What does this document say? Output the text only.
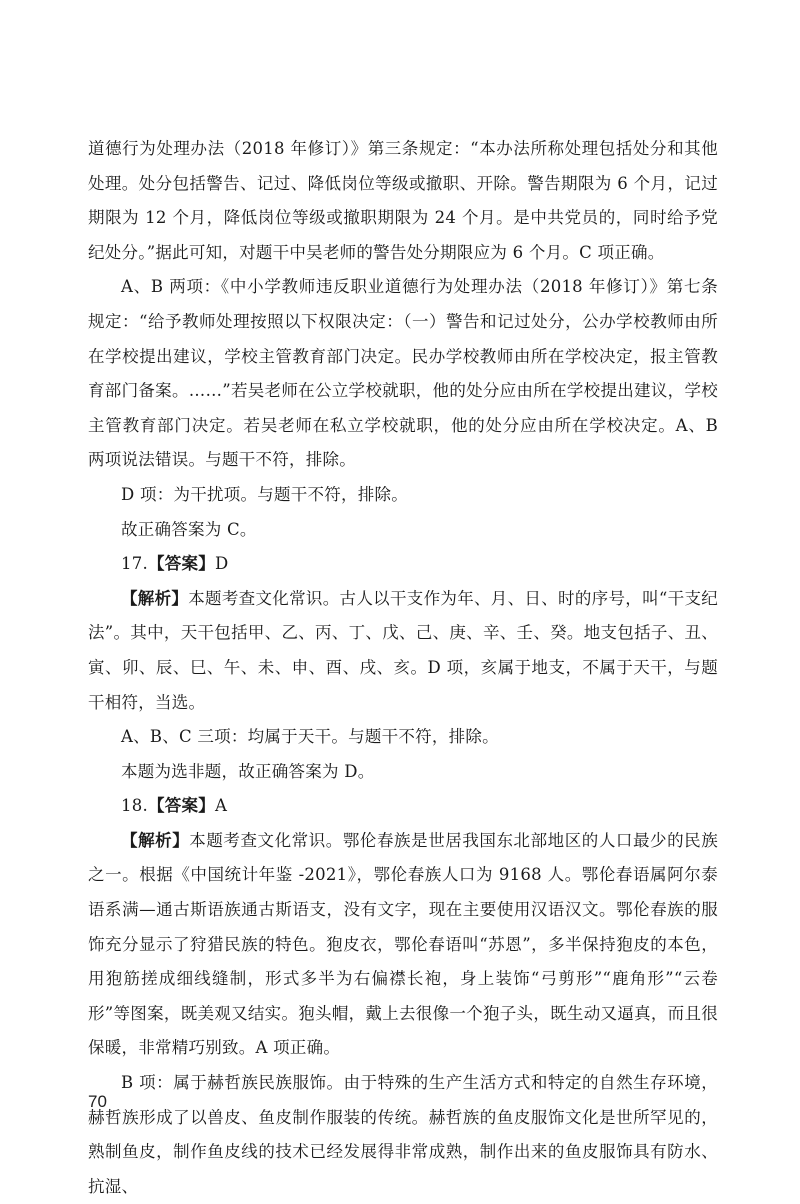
道德行为处理办法（2018 年修订）》第三条规定：“本办法所称处理包括处分和其他处理。处分包括警告、记过、降低岗位等级或撤职、开除。警告期限为 6 个月，记过期限为 12 个月，降低岗位等级或撤职期限为 24 个月。是中共党员的，同时给予党纪处分。”据此可知，对题干中吴老师的警告处分期限应为 6 个月。C 项正确。

A、B 两项：《中小学教师违反职业道德行为处理办法（2018 年修订）》第七条规定：“给予教师处理按照以下权限决定：（一）警告和记过处分，公办学校教师由所在学校提出建议，学校主管教育部门决定。民办学校教师由所在学校决定，报主管教育部门备案。……”若吴老师在公立学校就职，他的处分应由所在学校提出建议，学校主管教育部门决定。若吴老师在私立学校就职，他的处分应由所在学校决定。A、B 两项说法错误。与题干不符，排除。

D 项：为干扰项。与题干不符，排除。

故正确答案为 C。

17.【答案】D

【解析】本题考查文化常识。古人以干支作为年、月、日、时的序号，叫“干支纪法”。其中，天干包括甲、乙、丙、丁、戊、己、庚、辛、壬、癸。地支包括子、丑、寅、卯、辰、巳、午、未、申、酉、戌、亥。D 项，亥属于地支，不属于天干，与题干相符，当选。

A、B、C 三项：均属于天干。与题干不符，排除。

本题为选非题，故正确答案为 D。

18.【答案】A

【解析】本题考查文化常识。鄂伦春族是世居我国东北部地区的人口最少的民族之一。根据《中国统计年鉴 -2021》，鄂伦春族人口为 9168 人。鄂伦春语属阿尔泰语系满—通古斯语族通古斯语支，没有文字，现在主要使用汉语汉文。鄂伦春族的服饰充分显示了狩猎民族的特色。狍皮衣，鄂伦春语叫“苏恩”，多半保持狍皮的本色，用狍筋搓成细线缝制，形式多半为右偏襟长袍，身上装饰“弓剪形”“鹿角形”“云卷形”等图案，既美观又结实。狍头帽，戴上去很像一个狍子头，既生动又逼真，而且很保暖，非常精巧别致。A 项正确。

B 项：属于赫哲族民族服饰。由于特殊的生产生活方式和特定的自然生存环境，赫哲族形成了以兽皮、鱼皮制作服装的传统。赫哲族的鱼皮服饰文化是世所罕见的，熟制鱼皮，制作鱼皮线的技术已经发展得非常成熟，制作出来的鱼皮服饰具有防水、抗湿、

70
